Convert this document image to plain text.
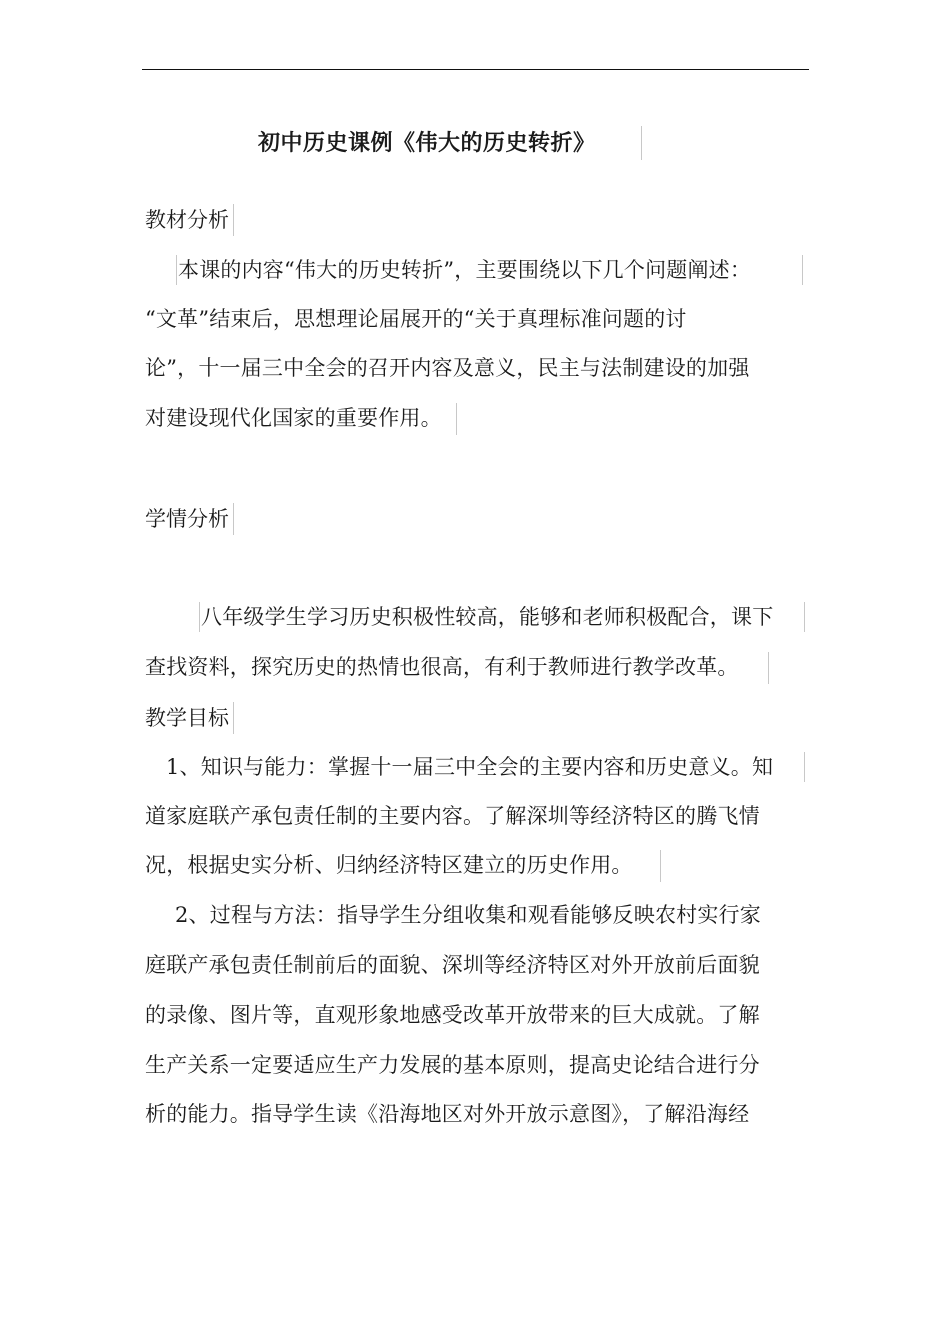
初中历史课例《伟大的历史转折》
教材分析
本课的内容“伟大的历史转折”，主要围绕以下几个问题阐述：
“文革”结束后，思想理论届展开的“关于真理标准问题的讨
论”，十一届三中全会的召开内容及意义，民主与法制建设的加强
对建设现代化国家的重要作用。
学情分析
八年级学生学习历史积极性较高，能够和老师积极配合，课下
查找资料，探究历史的热情也很高，有利于教师进行教学改革。
教学目标
1、知识与能力：掌握十一届三中全会的主要内容和历史意义。知
道家庭联产承包责任制的主要内容。了解深圳等经济特区的腾飞情
况，根据史实分析、归纳经济特区建立的历史作用。
2、过程与方法：指导学生分组收集和观看能够反映农村实行家
庭联产承包责任制前后的面貌、深圳等经济特区对外开放前后面貌
的录像、图片等，直观形象地感受改革开放带来的巨大成就。了解
生产关系一定要适应生产力发展的基本原则，提高史论结合进行分
析的能力。指导学生读《沿海地区对外开放示意图》，了解沿海经
